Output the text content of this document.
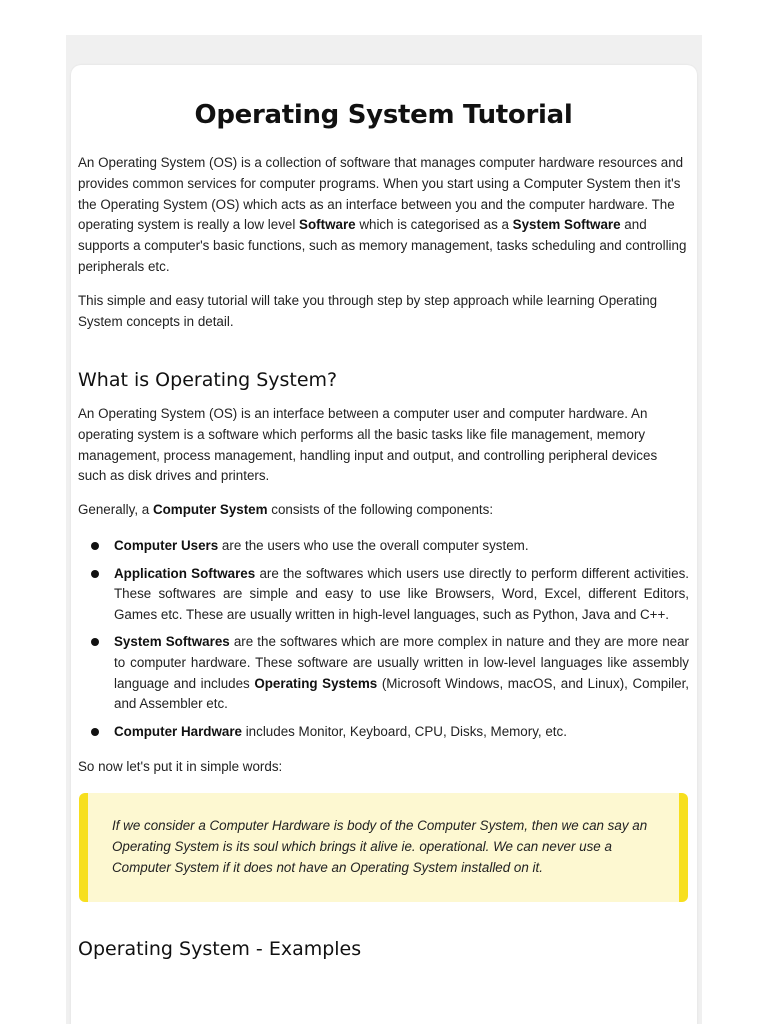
Operating System Tutorial

An Operating System (OS) is a collection of software that manages computer hardware resources and provides common services for computer programs. When you start using a Computer System then it's the Operating System (OS) which acts as an interface between you and the computer hardware. The operating system is really a low level Software which is categorised as a System Software and supports a computer's basic functions, such as memory management, tasks scheduling and controlling peripherals etc.

This simple and easy tutorial will take you through step by step approach while learning Operating System concepts in detail.

What is Operating System?

An Operating System (OS) is an interface between a computer user and computer hardware. An operating system is a software which performs all the basic tasks like file management, memory management, process management, handling input and output, and controlling peripheral devices such as disk drives and printers.

Generally, a Computer System consists of the following components:

Computer Users are the users who use the overall computer system.
Application Softwares are the softwares which users use directly to perform different activities. These softwares are simple and easy to use like Browsers, Word, Excel, different Editors, Games etc. These are usually written in high-level languages, such as Python, Java and C++.
System Softwares are the softwares which are more complex in nature and they are more near to computer hardware. These software are usually written in low-level languages like assembly language and includes Operating Systems (Microsoft Windows, macOS, and Linux), Compiler, and Assembler etc.
Computer Hardware includes Monitor, Keyboard, CPU, Disks, Memory, etc.

So now let's put it in simple words:

If we consider a Computer Hardware is body of the Computer System, then we can say an Operating System is its soul which brings it alive ie. operational. We can never use a Computer System if it does not have an Operating System installed on it.

Operating System - Examples
